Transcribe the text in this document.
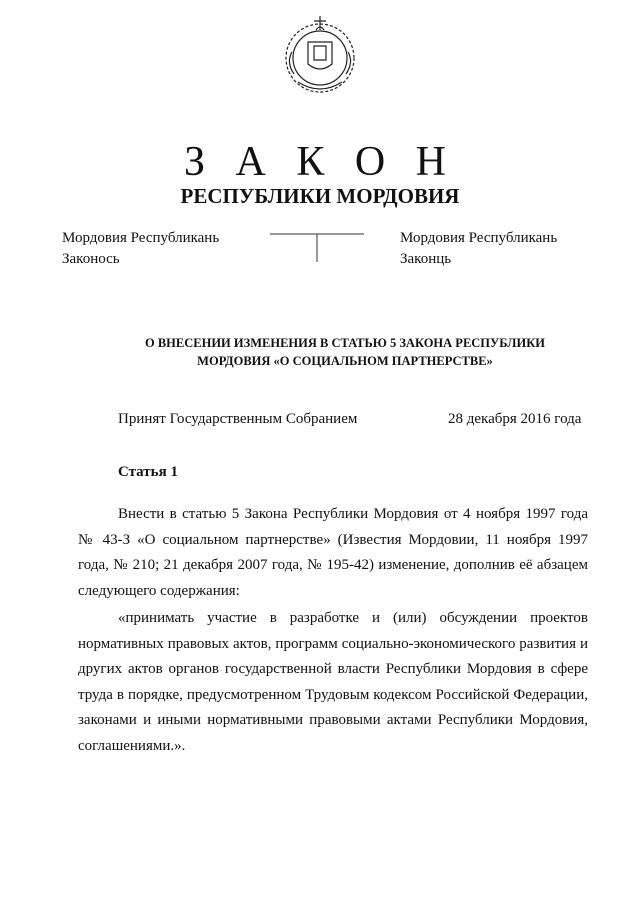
З А К О Н
РЕСПУБЛИКИ МОРДОВИЯ
Мордовия Республикань
Законось
Мордовия Республикань
Законць
О ВНЕСЕНИИ ИЗМЕНЕНИЯ В СТАТЬЮ 5 ЗАКОНА РЕСПУБЛИКИ
МОРДОВИЯ «О СОЦИАЛЬНОМ ПАРТНЕРСТВЕ»
Принят Государственным Собранием	28 декабря 2016 года
Статья 1
Внести в статью 5 Закона Республики Мордовия от 4 ноября 1997 года № 43-З «О социальном партнерстве» (Известия Мордовии, 11 ноября 1997 года, № 210; 21 декабря 2007 года, № 195-42) изменение, дополнив её абзацем следующего содержания:
«принимать участие в разработке и (или) обсуждении проектов нормативных правовых актов, программ социально-экономического развития и других актов органов государственной власти Республики Мордовия в сфере труда в порядке, предусмотренном Трудовым кодексом Российской Федерации, законами и иными нормативными правовыми актами Республики Мордовия, соглашениями.».
